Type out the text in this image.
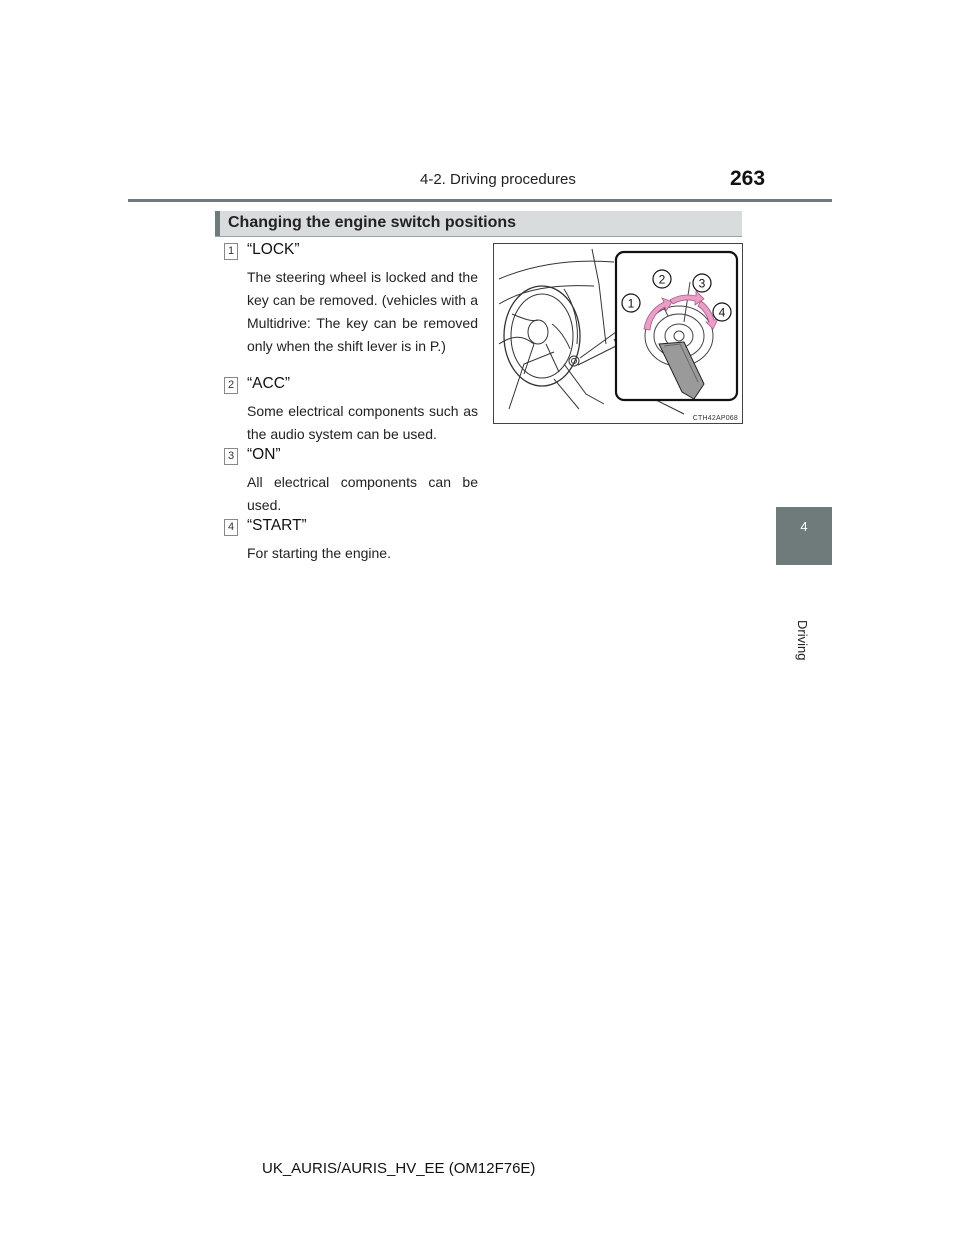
4-2. Driving procedures	263
4
Driving
Changing the engine switch positions
1 “LOCK”
The steering wheel is locked and the key can be removed. (vehicles with a Multidrive: The key can be removed only when the shift lever is in P.)
2 “ACC”
Some electrical components such as the audio system can be used.
3 “ON”
All electrical components can be used.
4 “START”
For starting the engine.
1
2	3
4
CTH42AP068
UK_AURIS/AURIS_HV_EE (OM12F76E)
